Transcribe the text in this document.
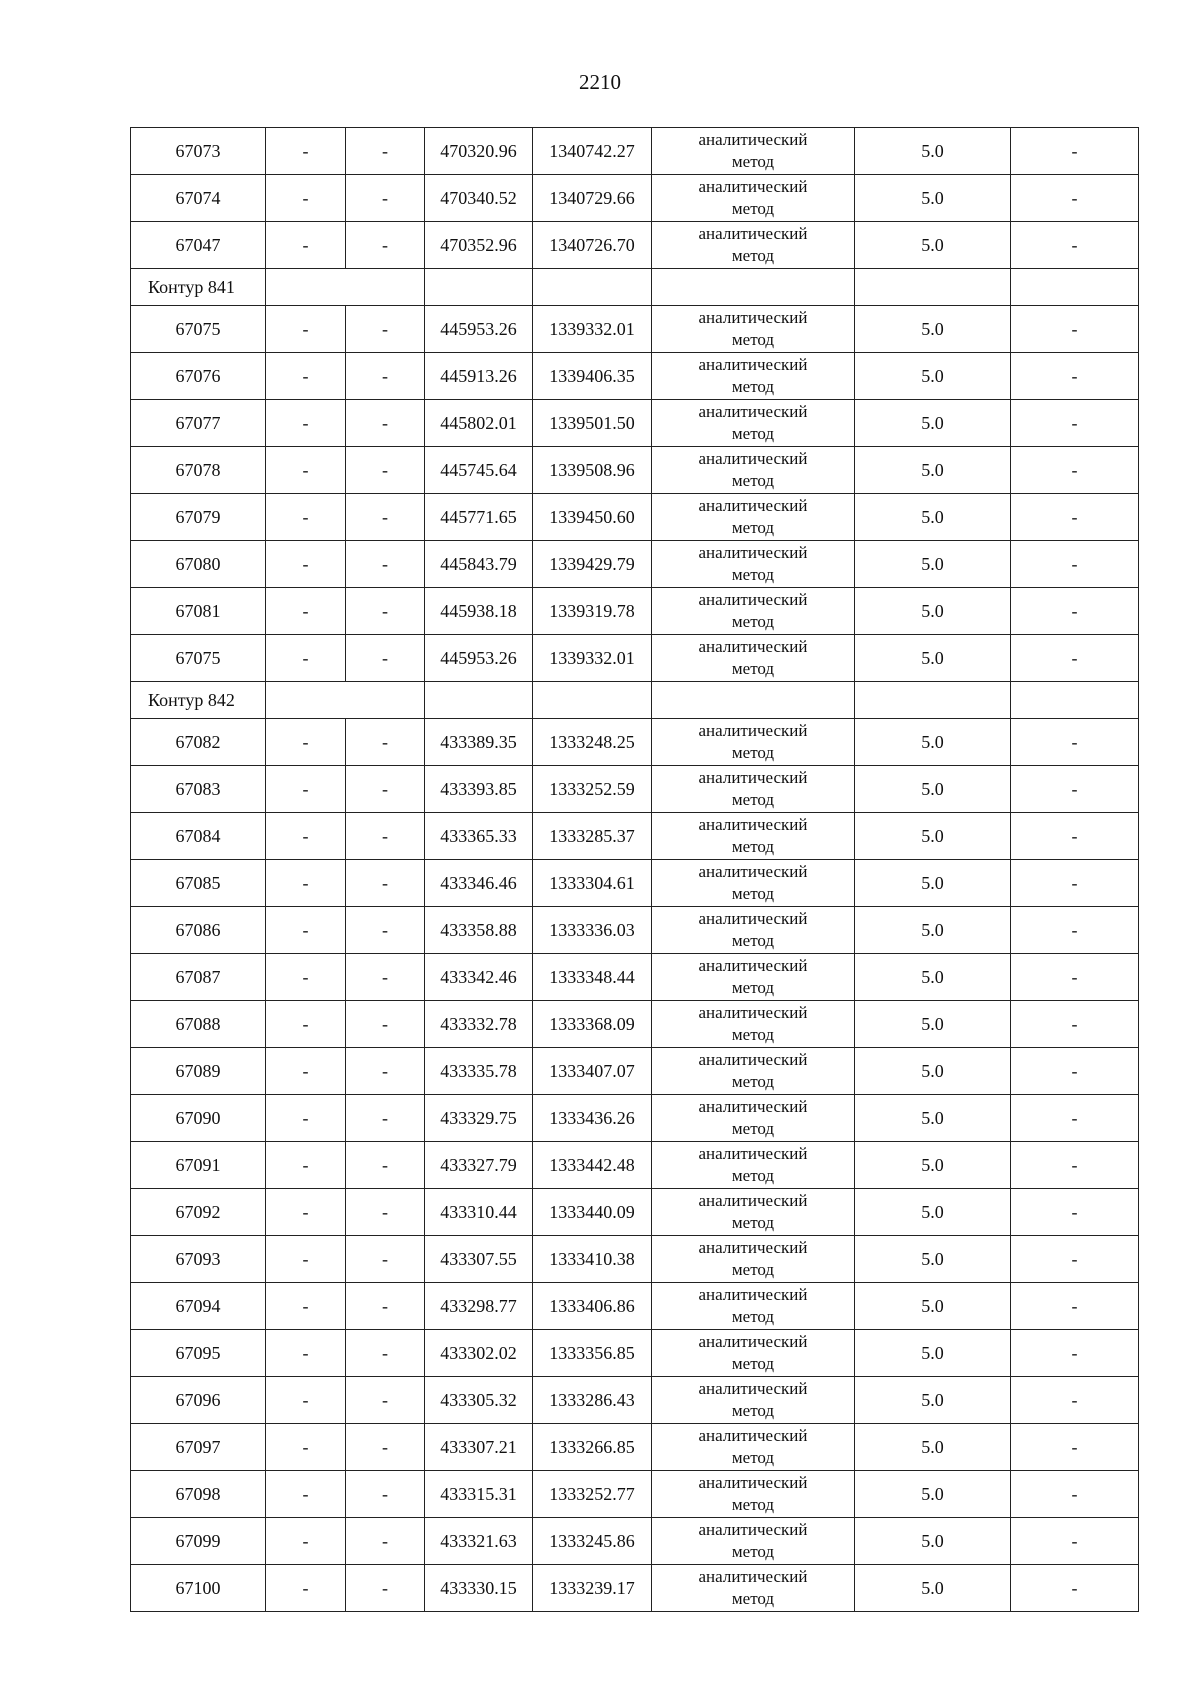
2210
67073	-	-	470320.96	1340742.27	аналитический
метод	5.0	-
67074	-	-	470340.52	1340729.66	аналитический
метод	5.0	-
67047	-	-	470352.96	1340726.70	аналитический
метод	5.0	-
Контур 841							
67075	-	-	445953.26	1339332.01	аналитический
метод	5.0	-
67076	-	-	445913.26	1339406.35	аналитический
метод	5.0	-
67077	-	-	445802.01	1339501.50	аналитический
метод	5.0	-
67078	-	-	445745.64	1339508.96	аналитический
метод	5.0	-
67079	-	-	445771.65	1339450.60	аналитический
метод	5.0	-
67080	-	-	445843.79	1339429.79	аналитический
метод	5.0	-
67081	-	-	445938.18	1339319.78	аналитический
метод	5.0	-
67075	-	-	445953.26	1339332.01	аналитический
метод	5.0	-
Контур 842							
67082	-	-	433389.35	1333248.25	аналитический
метод	5.0	-
67083	-	-	433393.85	1333252.59	аналитический
метод	5.0	-
67084	-	-	433365.33	1333285.37	аналитический
метод	5.0	-
67085	-	-	433346.46	1333304.61	аналитический
метод	5.0	-
67086	-	-	433358.88	1333336.03	аналитический
метод	5.0	-
67087	-	-	433342.46	1333348.44	аналитический
метод	5.0	-
67088	-	-	433332.78	1333368.09	аналитический
метод	5.0	-
67089	-	-	433335.78	1333407.07	аналитический
метод	5.0	-
67090	-	-	433329.75	1333436.26	аналитический
метод	5.0	-
67091	-	-	433327.79	1333442.48	аналитический
метод	5.0	-
67092	-	-	433310.44	1333440.09	аналитический
метод	5.0	-
67093	-	-	433307.55	1333410.38	аналитический
метод	5.0	-
67094	-	-	433298.77	1333406.86	аналитический
метод	5.0	-
67095	-	-	433302.02	1333356.85	аналитический
метод	5.0	-
67096	-	-	433305.32	1333286.43	аналитический
метод	5.0	-
67097	-	-	433307.21	1333266.85	аналитический
метод	5.0	-
67098	-	-	433315.31	1333252.77	аналитический
метод	5.0	-
67099	-	-	433321.63	1333245.86	аналитический
метод	5.0	-
67100	-	-	433330.15	1333239.17	аналитический
метод	5.0	-
